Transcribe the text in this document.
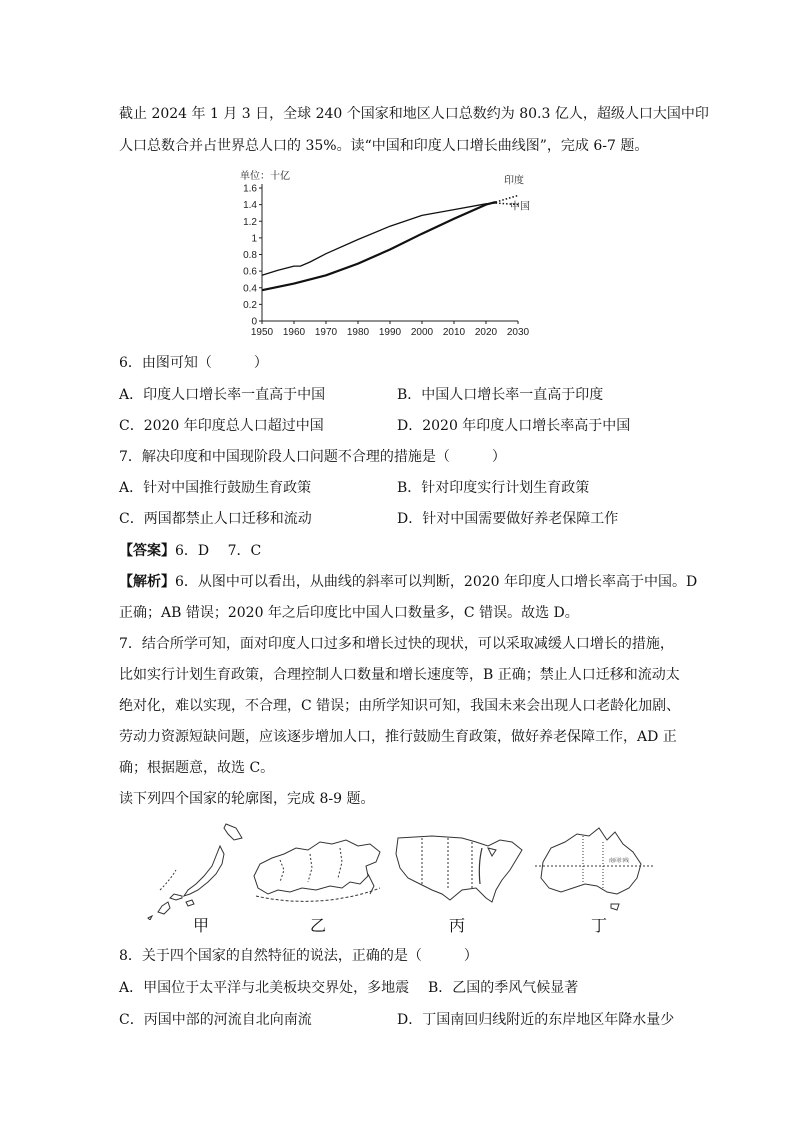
截止 2024 年 1 月 3 日，全球 240 个国家和地区人口总数约为 80.3 亿人，超级人口大国中印
人口总数合并占世界总人口的 35%。读“中国和印度人口增长曲线图”，完成 6-7 题。
单位：十亿
0
0.2
0.4
0.6
0.8
1
1.2
1.4
1.6
1950 1960 1970 1980 1990 2000 2010 2020 2030
印度
中国
6．由图可知（　　　）
A．印度人口增长率一直高于中国	B．中国人口增长率一直高于印度
C．2020 年印度总人口超过中国	D．2020 年印度人口增长率高于中国
7．解决印度和中国现阶段人口问题不合理的措施是（　　　）
A．针对中国推行鼓励生育政策	B．针对印度实行计划生育政策
C．两国都禁止人口迁移和流动	D．针对中国需要做好养老保障工作
【答案】6．D　 7．C
【解析】6．从图中可以看出，从曲线的斜率可以判断，2020 年印度人口增长率高于中国。D
正确；AB 错误；2020 年之后印度比中国人口数量多，C 错误。故选 D。
7．结合所学可知，面对印度人口过多和增长过快的现状，可以采取减缓人口增长的措施，
比如实行计划生育政策，合理控制人口数量和增长速度等，B 正确；禁止人口迁移和流动太
绝对化，难以实现，不合理，C 错误；由所学知识可知，我国未来会出现人口老龄化加剧、
劳动力资源短缺问题，应该逐步增加人口，推行鼓励生育政策，做好养老保障工作，AD 正
确；根据题意，故选 C。
读下列四个国家的轮廓图，完成 8-9 题。
甲	乙	丙
南回归线
丁
8．关于四个国家的自然特征的说法，正确的是（　　　）
A．甲国位于太平洋与北美板块交界处，多地震 B．乙国的季风气候显著
C．丙国中部的河流自北向南流	D．丁国南回归线附近的东岸地区年降水量少
